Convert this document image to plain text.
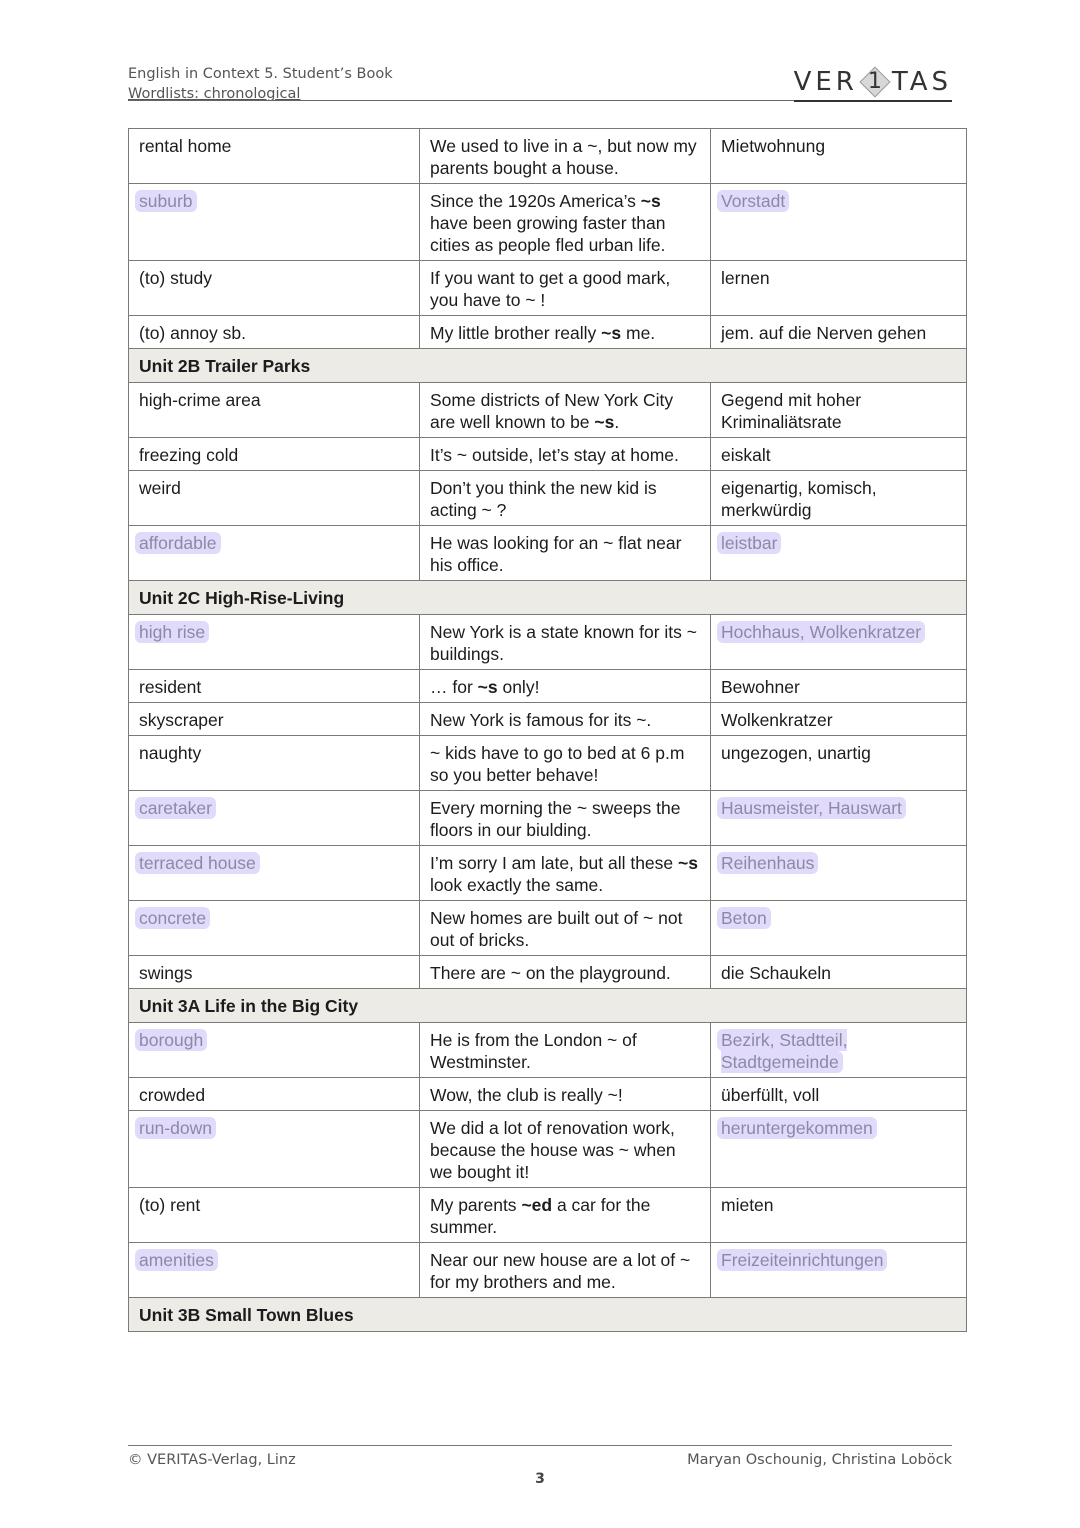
English in Context 5. Student’s Book
Wordlists: chronological	VER 1 TAS
rental home	We used to live in a ~, but now my parents bought a house.	Mietwohnung
suburb	Since the 1920s America’s ~s have been growing faster than cities as people fled urban life.	Vorstadt
(to) study	If you want to get a good mark, you have to ~ !	lernen
(to) annoy sb.	My little brother really ~s me.	jem. auf die Nerven gehen
Unit 2B Trailer Parks		
high-crime area	Some districts of New York City are well known to be ~s.	Gegend mit hoher Kriminaliätsrate
freezing cold	It’s ~ outside, let’s stay at home.	eiskalt
weird	Don’t you think the new kid is acting ~ ?	eigenartig, komisch, merkwürdig
affordable	He was looking for an ~ flat near his office.	leistbar
Unit 2C High-Rise-Living		
high rise	New York is a state known for its ~ buildings.	Hochhaus, Wolkenkratzer
resident	… for ~s only!	Bewohner
skyscraper	New York is famous for its ~.	Wolkenkratzer
naughty	~ kids have to go to bed at 6 p.m so you better behave!	ungezogen, unartig
caretaker	Every morning the ~ sweeps the floors in our biulding.	Hausmeister, Hauswart
terraced house	I’m sorry I am late, but all these ~s look exactly the same.	Reihenhaus
concrete	New homes are built out of ~ not out of bricks.	Beton
swings	There are ~ on the playground.	die Schaukeln
Unit 3A Life in the Big City		
borough	He is from the London ~ of Westminster.	Bezirk, Stadtteil, Stadtgemeinde
crowded	Wow, the club is really ~!	überfüllt, voll
run-down	We did a lot of renovation work, because the house was ~ when we bought it!	heruntergekommen
(to) rent	My parents ~ed a car for the summer.	mieten
amenities	Near our new house are a lot of ~ for my brothers and me.	Freizeiteinrichtungen
Unit 3B Small Town Blues		
© VERITAS-Verlag, Linz	Maryan Oschounig, Christina Loböck
3
